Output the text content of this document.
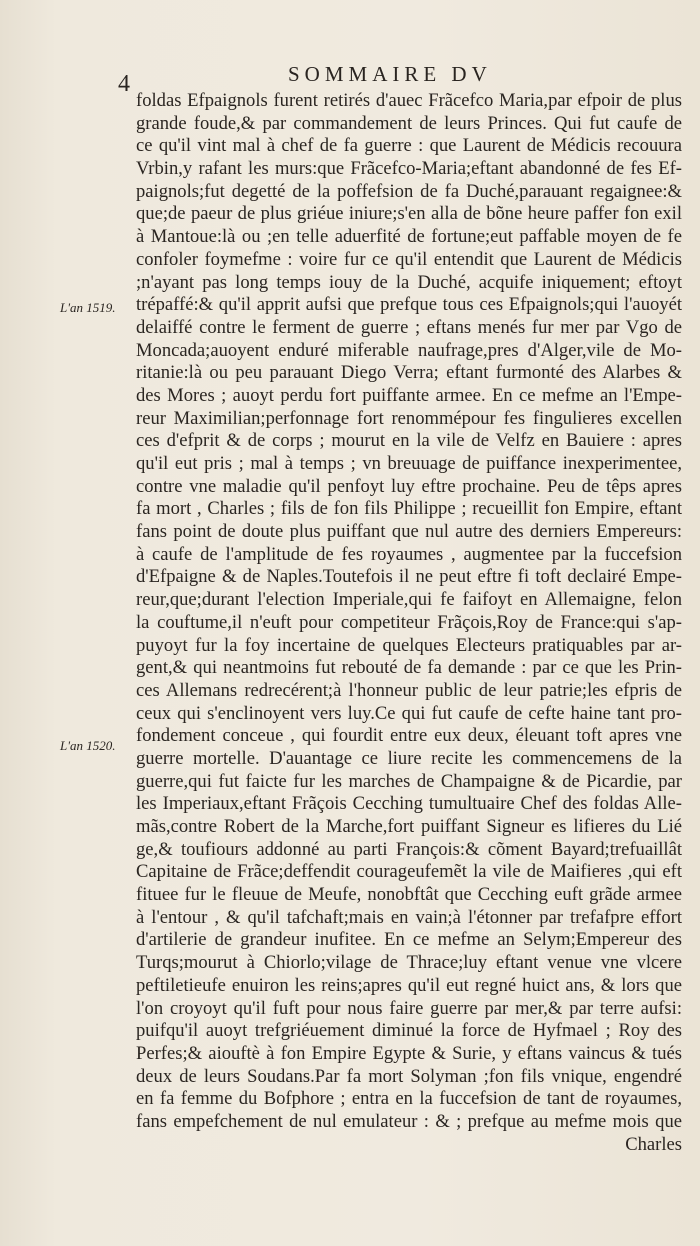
4	SOMMAIRE DV
L'an 1519.
L'an 1520.
foldas Efpaignols furent retirés d'auec Frãcefco Maria,par efpoir de plus
grande foude,& par commandement de leurs Princes. Qui fut caufe de
ce qu'il vint mal à chef de fa guerre : que Laurent de Médicis recouura
Vrbin,y rafant les murs:que Frãcefco-Maria;eftant abandonné de fes Ef-
paignols;fut degetté de la poffefsion de fa Duché,parauant regaignee:&
que;de paeur de plus griéue iniure;s'en alla de bõne heure paffer fon exil
à Mantoue:là ou ;en telle aduerfité de fortune;eut paffable moyen de fe
confoler foymefme : voire fur ce qu'il entendit que Laurent de Médicis
;n'ayant pas long temps iouy de la Duché, acquife iniquement; eftoyt
trépaffé:& qu'il apprit aufsi que prefque tous ces Efpaignols;qui l'auoyét
delaiffé contre le ferment de guerre ; eftans menés fur mer par Vgo de
Moncada;auoyent enduré miferable naufrage,pres d'Alger,vile de Mo-
ritanie:là ou peu parauant Diego Verra; eftant furmonté des Alarbes &
des Mores ; auoyt perdu fort puiffante armee. En ce mefme an l'Empe-
reur Maximilian;perfonnage fort renommépour fes fingulieres excellen
ces d'efprit & de corps ; mourut en la vile de Velfz en Bauiere : apres
qu'il eut pris ; mal à temps ; vn breuuage de puiffance inexperimentee,
contre vne maladie qu'il penfoyt luy eftre prochaine. Peu de têps apres
fa mort , Charles ; fils de fon fils Philippe ; recueillit fon Empire, eftant
fans point de doute plus puiffant que nul autre des derniers Empereurs:
à caufe de l'amplitude de fes royaumes , augmentee par la fuccefsion
d'Efpaigne & de Naples.Toutefois il ne peut eftre fi toft declairé Empe-
reur,que;durant l'election Imperiale,qui fe faifoyt en Allemaigne, felon
la couftume,il n'euft pour competiteur Frãçois,Roy de France:qui s'ap-
puyoyt fur la foy incertaine de quelques Electeurs pratiquables par ar-
gent,& qui neantmoins fut rebouté de fa demande : par ce que les Prin-
ces Allemans redrecérent;à l'honneur public de leur patrie;les efpris de
ceux qui s'enclinoyent vers luy.Ce qui fut caufe de cefte haine tant pro-
fondement conceue , qui fourdit entre eux deux, éleuant toft apres vne
guerre mortelle. D'auantage ce liure recite les commencemens de la
guerre,qui fut faicte fur les marches de Champaigne & de Picardie, par
les Imperiaux,eftant Frãçois Cecching tumultuaire Chef des foldas Alle-
mãs,contre Robert de la Marche,fort puiffant Signeur es lifieres du Lié
ge,& toufiours addonné au parti François:& cõment Bayard;trefuaillât
Capitaine de Frãce;deffendit courageufemẽt la vile de Maifieres ,qui eft
fituee fur le fleuue de Meufe, nonobftât que Cecching euft grãde armee
à l'entour , & qu'il tafchaft;mais en vain;à l'étonner par trefafpre effort
d'artilerie de grandeur inufitee. En ce mefme an Selym;Empereur des
Turqs;mourut à Chiorlo;vilage de Thrace;luy eftant venue vne vlcere
peftiletieufe enuiron les reins;apres qu'il eut regné huict ans, & lors que
l'on croyoyt qu'il fuft pour nous faire guerre par mer,& par terre aufsi:
puifqu'il auoyt trefgriéuement diminué la force de Hyfmael ; Roy des
Perfes;& aiouftè à fon Empire Egypte & Surie, y eftans vaincus & tués
deux de leurs Soudans.Par fa mort Solyman ;fon fils vnique, engendré
en fa femme du Bofphore ; entra en la fuccefsion de tant de royaumes,
fans empefchement de nul emulateur : & ; prefque au mefme mois que
Charles
